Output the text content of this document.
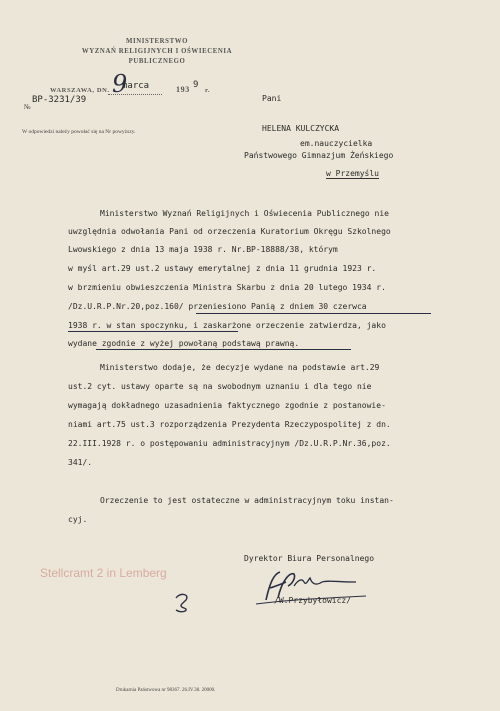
MINISTERSTWO
WYZNAŃ RELIGIJNYCH I OŚWIECENIA
PUBLICZNEGO
WARSZAWA, DN. 9
marca	193 9
r.
№
BP-3231/39
W odpowiedzi należy powołać się na Nr powyższy.
Pani
HELENA KULCZYCKA
em.nauczycielka
Państwowego Gimnazjum Żeńskiego
w Przemyślu
Ministerstwo Wyznań Religijnych i Oświecenia Publicznego nie
uwzględnia odwołania Pani od orzeczenia Kuratorium Okręgu Szkolnego
Lwowskiego z dnia 13 maja 1938 r. Nr.BP-18888/38, którym
w myśl art.29 ust.2 ustawy emerytalnej z dnia 11 grudnia 1923 r.
w brzmieniu obwieszczenia Ministra Skarbu z dnia 20 lutego 1934 r.
/Dz.U.R.P.Nr.20,poz.160/ przeniesiono Panią z dniem 30 czerwca
1938 r. w stan spoczynku, i zaskarżone orzeczenie zatwierdza, jako
wydane zgodnie z wyżej powołaną podstawą prawną.
Ministerstwo dodaje, że decyzje wydane na podstawie art.29
ust.2 cyt. ustawy oparte są na swobodnym uznaniu i dla tego nie
wymagają dokładnego uzasadnienia faktycznego zgodnie z postanowie-
niami art.75 ust.3 rozporządzenia Prezydenta Rzeczypospolitej z dn.
22.III.1928 r. o postępowaniu administracyjnym /Dz.U.R.P.Nr.36,poz.
341/.
Orzeczenie to jest ostateczne w administracyjnym toku instan-
cyj.
Dyrektor Biura Personalnego
/W.Przybyłowicz/
Stellcramt 2 in Lemberg
Drukarnia Państwowa nr 98367. 26.IV.38. 20000.
